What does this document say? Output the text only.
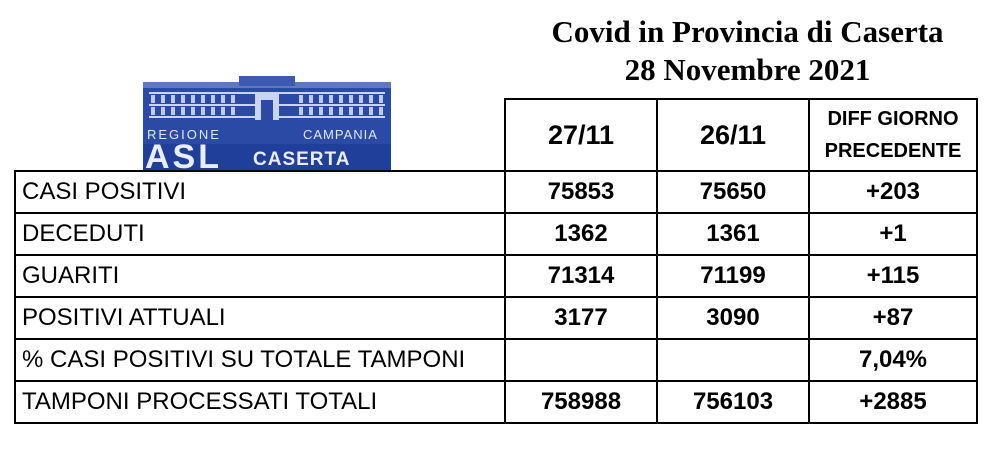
Covid in Provincia di Caserta
28 Novembre 2021
REGIONE	CAMPANIA
ASL CASERTA
	27/11	26/11	DIFF GIORNO
PRECEDENTE

CASI POSITIVI	75853	75650	+203
DECEDUTI	1362	1361	+1
GUARITI	71314	71199	+115
POSITIVI ATTUALI	3177	3090	+87
% CASI POSITIVI SU TOTALE TAMPONI			7,04%
TAMPONI PROCESSATI TOTALI	758988	756103	+2885
